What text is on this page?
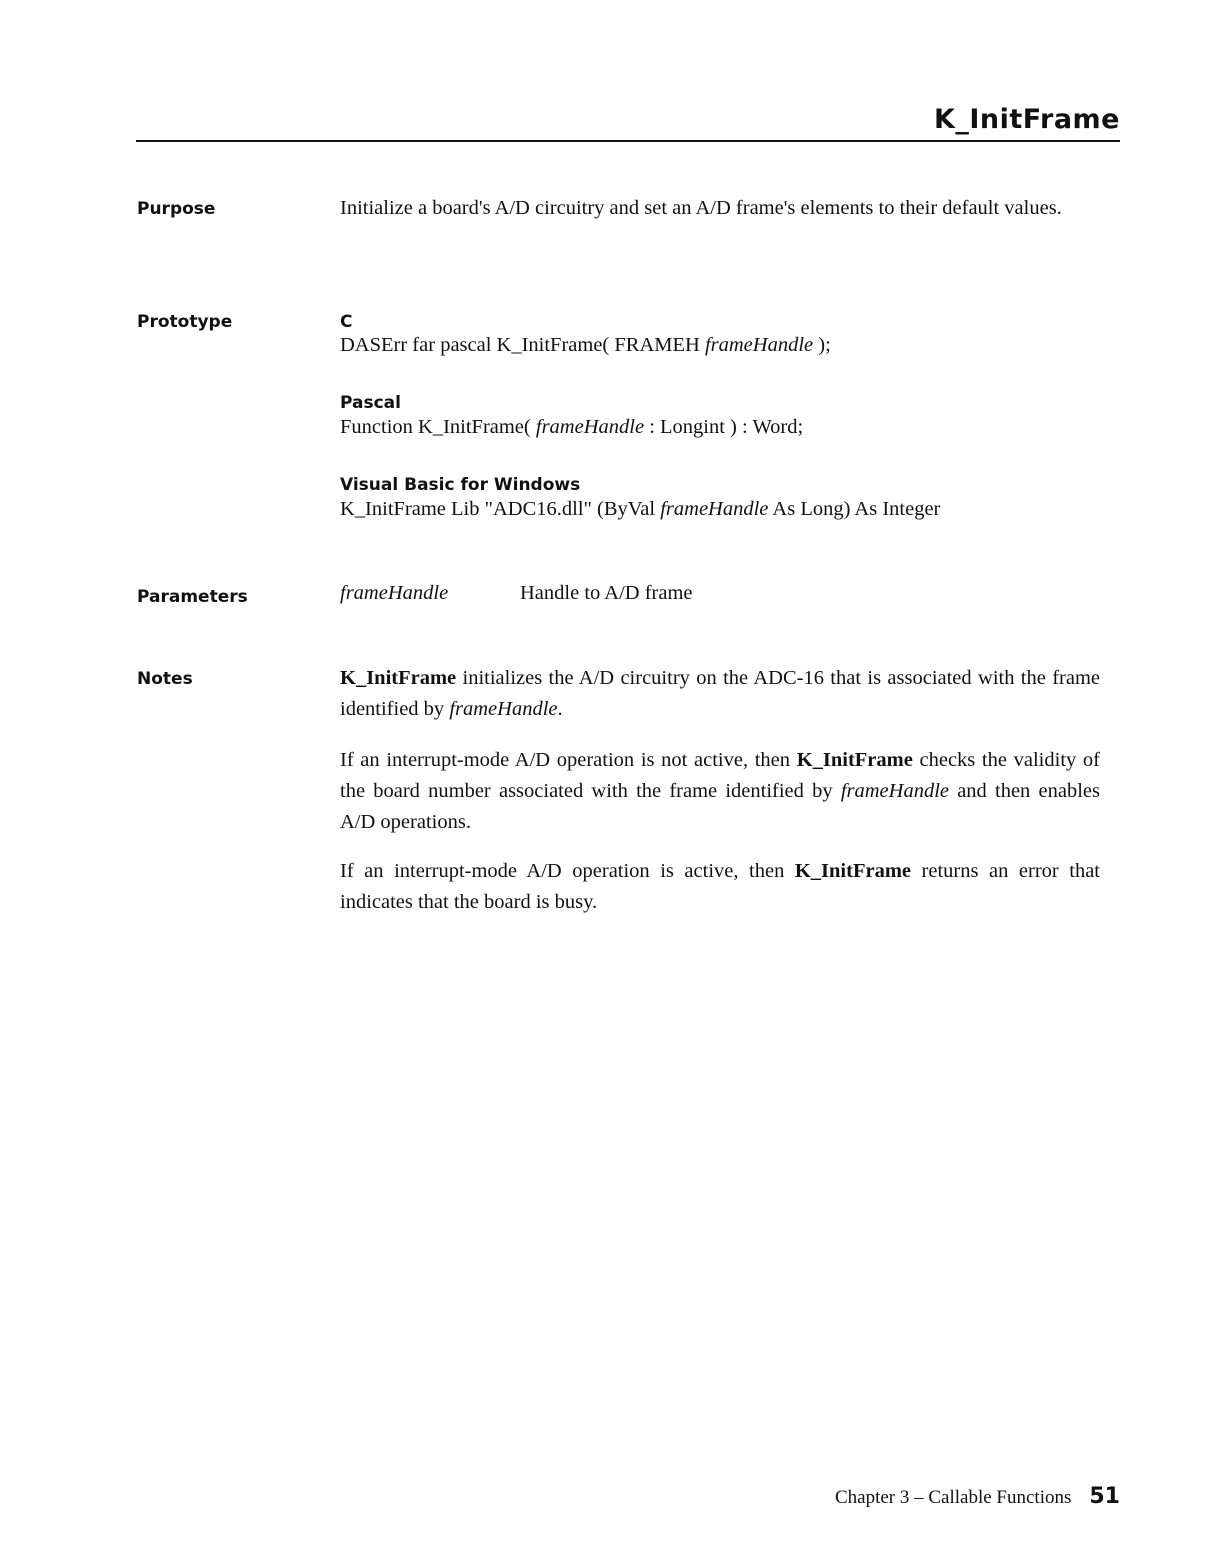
K_InitFrame
Purpose	Initialize a board's A/D circuitry and set an A/D frame's elements to their default values.
Prototype	C
DASErr far pascal K_InitFrame( FRAMEH frameHandle );
Pascal
Function K_InitFrame( frameHandle : Longint ) : Word;
Visual Basic for Windows
K_InitFrame Lib "ADC16.dll" (ByVal frameHandle As Long) As Integer
Parameters	frameHandle	Handle to A/D frame
Notes	K_InitFrame initializes the A/D circuitry on the ADC-16 that is associated with the frame identified by frameHandle.
If an interrupt-mode A/D operation is not active, then K_InitFrame checks the validity of the board number associated with the frame identified by frameHandle and then enables A/D operations.
If an interrupt-mode A/D operation is active, then K_InitFrame returns an error that indicates that the board is busy.
Chapter 3 – Callable Functions 51
